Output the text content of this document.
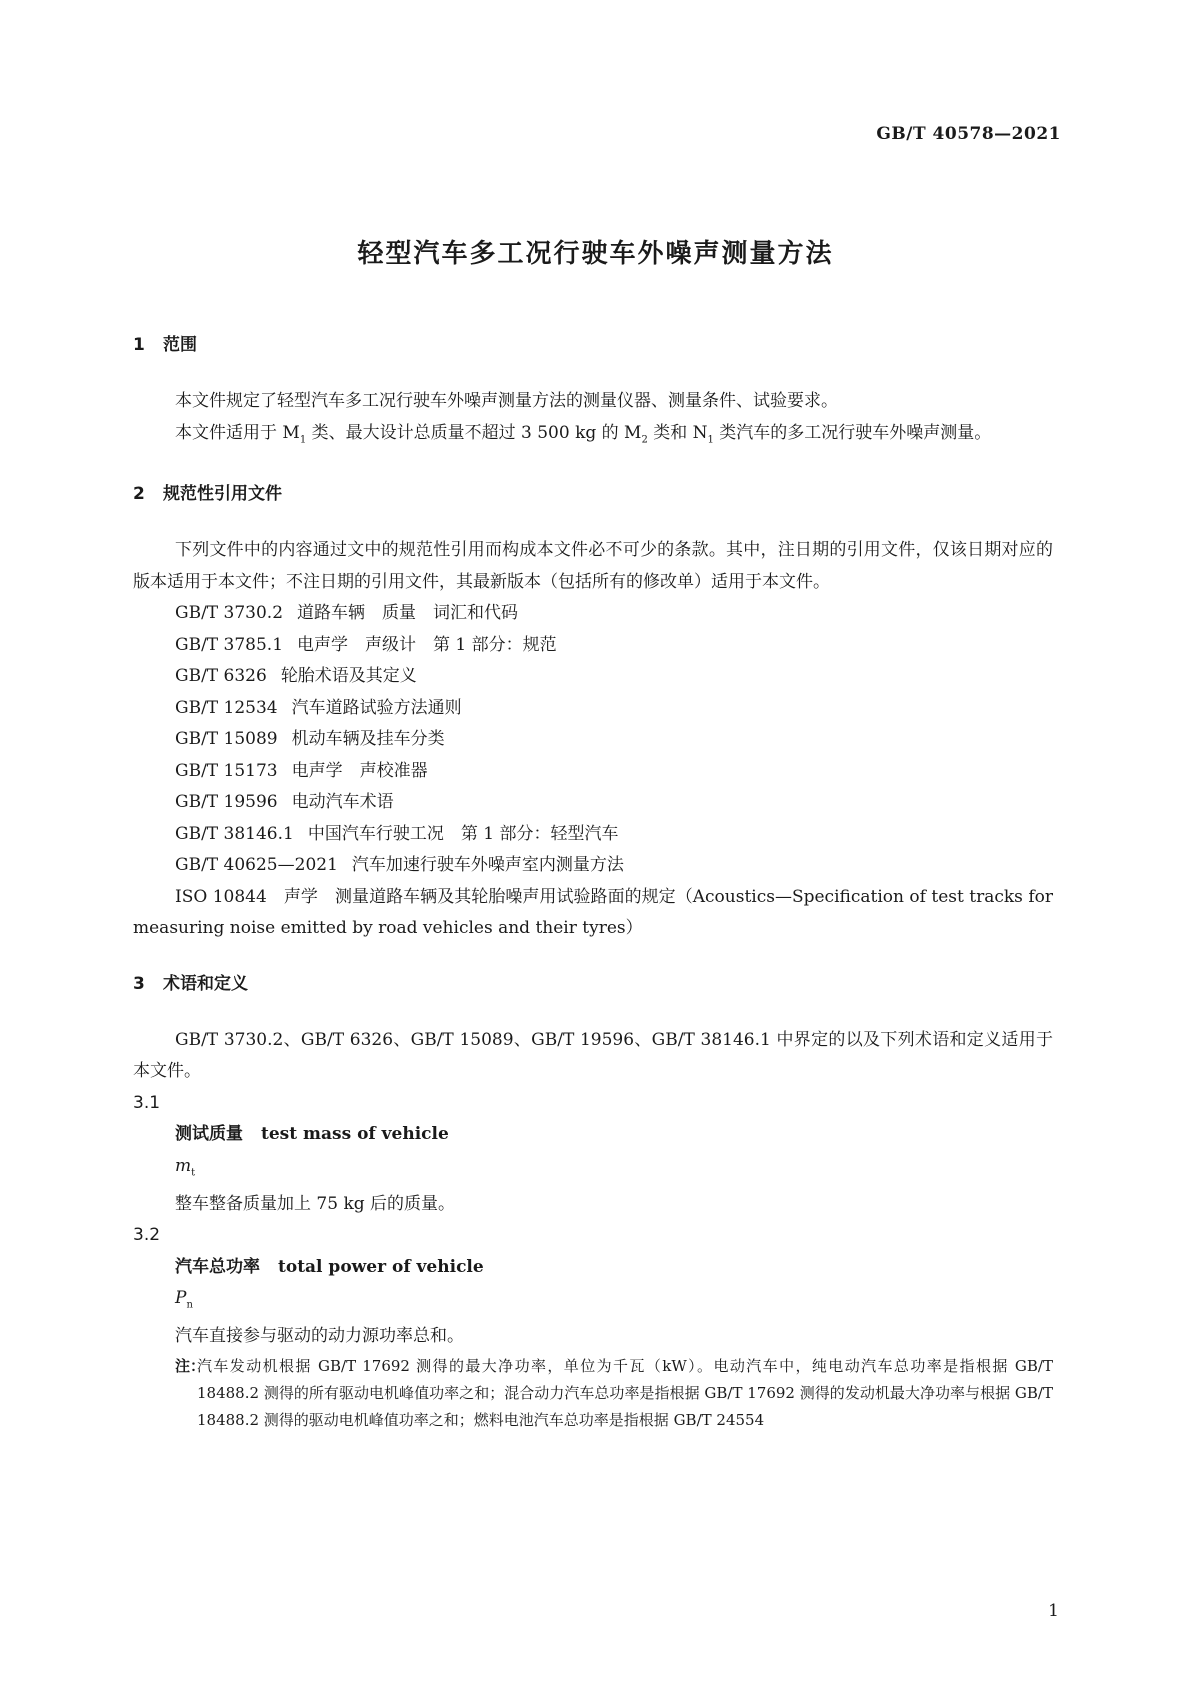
GB/T 40578—2021
轻型汽车多工况行驶车外噪声测量方法
1 范围

本文件规定了轻型汽车多工况行驶车外噪声测量方法的测量仪器、测量条件、试验要求。

本文件适用于 $M_1$ 类、最大设计总质量不超过 3 500 kg 的 $M_2$ 类和 $N_1$ 类汽车的多工况行驶车外噪声测量。

2 规范性引用文件

下列文件中的内容通过文中的规范性引用而构成本文件必不可少的条款。其中，注日期的引用文件，仅该日期对应的版本适用于本文件；不注日期的引用文件，其最新版本（包括所有的修改单）适用于本文件。

GB/T 3730.2 道路车辆　质量　词汇和代码

GB/T 3785.1 电声学　声级计　第 1 部分：规范

GB/T 6326 轮胎术语及其定义

GB/T 12534 汽车道路试验方法通则

GB/T 15089 机动车辆及挂车分类

GB/T 15173 电声学　声校准器

GB/T 19596 电动汽车术语

GB/T 38146.1 中国汽车行驶工况　第 1 部分：轻型汽车

GB/T 40625—2021 汽车加速行驶车外噪声室内测量方法

ISO 10844　声学　测量道路车辆及其轮胎噪声用试验路面的规定（Acoustics—Specification of test tracks for measuring noise emitted by road vehicles and their tyres）

3 术语和定义

GB/T 3730.2、GB/T 6326、GB/T 15089、GB/T 19596、GB/T 38146.1 中界定的以及下列术语和定义适用于本文件。

3.1

测试质量 test mass of vehicle

$m_t$

整车整备质量加上 75 kg 后的质量。

3.2

汽车总功率 total power of vehicle

$P_n$

汽车直接参与驱动的动力源功率总和。

注：
汽车发动机根据 GB/T 17692 测得的最大净功率，单位为千瓦（kW）。电动汽车中，纯电动汽车总功率是指根据 GB/T 18488.2 测得的所有驱动电机峰值功率之和；混合动力汽车总功率是指根据 GB/T 17692 测得的发动机最大净功率与根据 GB/T 18488.2 测得的驱动电机峰值功率之和；燃料电池汽车总功率是指根据 GB/T 24554
1
